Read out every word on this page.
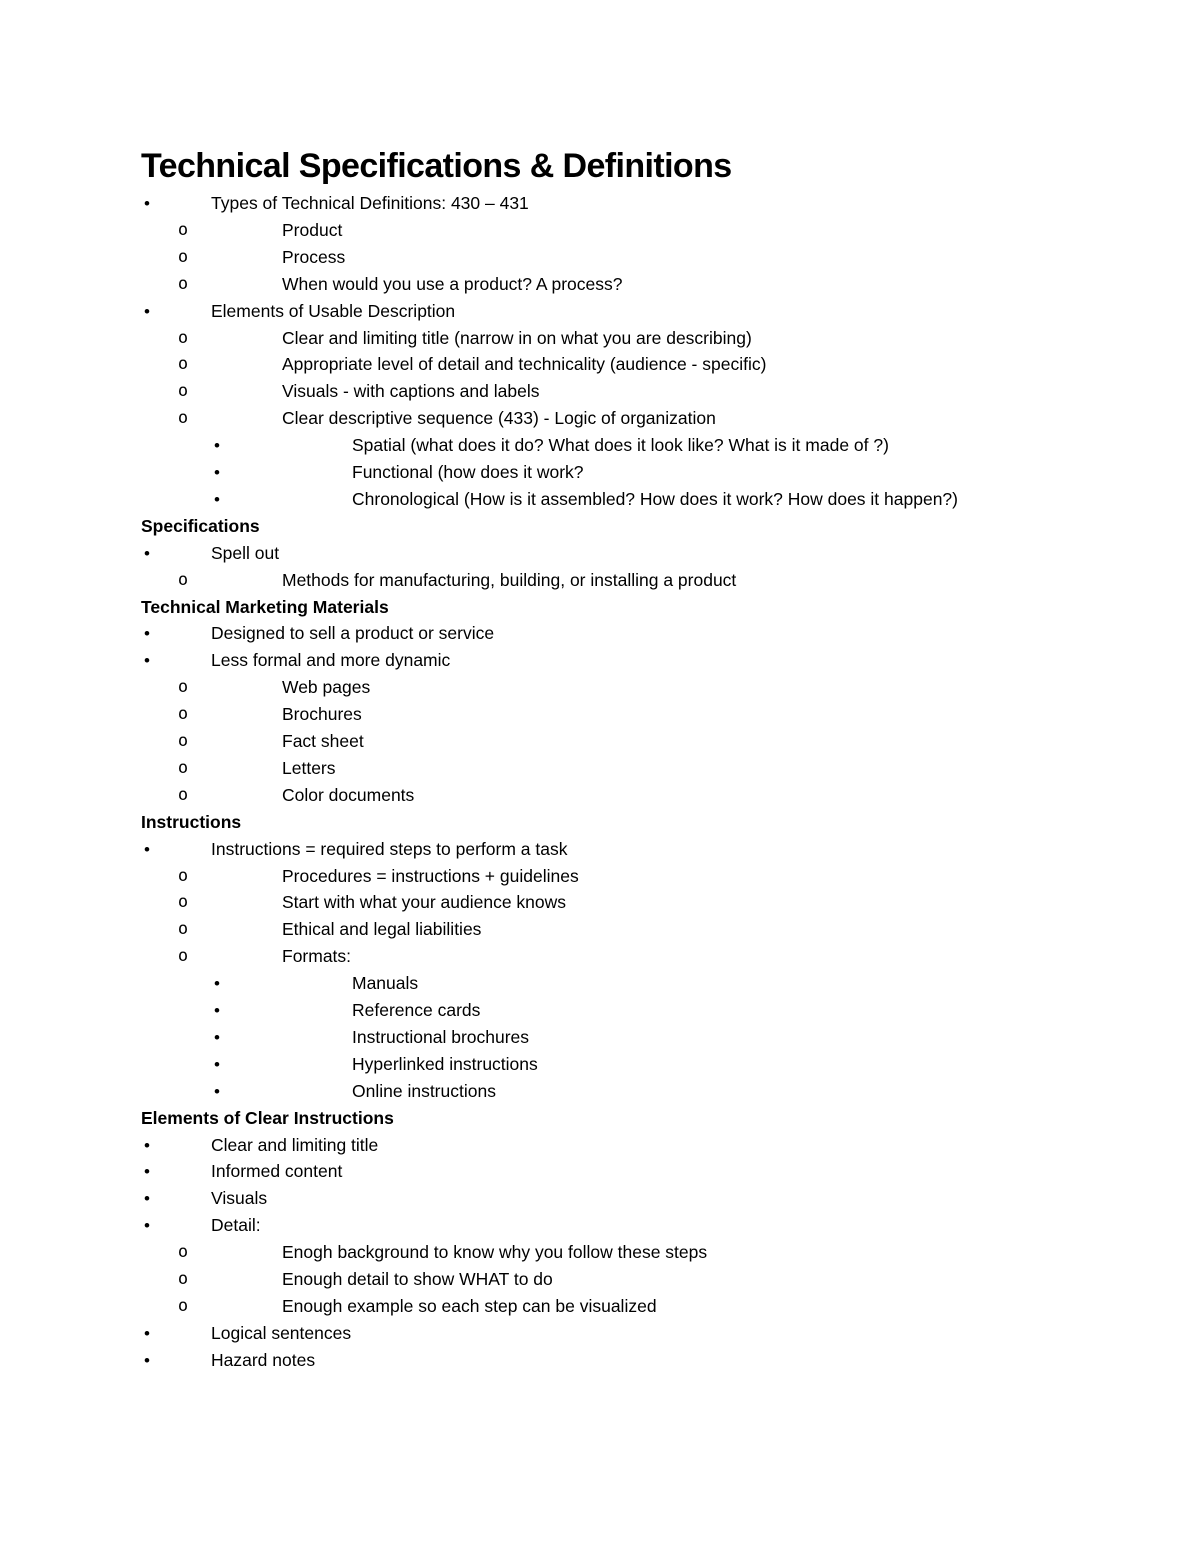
Technical Specifications & Definitions
•	Types of Technical Definitions: 430 – 431
o	Product
o	Process
o	When would you use a product? A process?
•	Elements of Usable Description
o	Clear and limiting title (narrow in on what you are describing)
o	Appropriate level of detail and technicality (audience - specific)
o	Visuals - with captions and labels
o	Clear descriptive sequence (433) - Logic of organization
•	Spatial (what does it do? What does it look like? What is it made of ?)
•	Functional (how does it work?
•	Chronological (How is it assembled? How does it work? How does it happen?)
Specifications
•	Spell out
o	Methods for manufacturing, building, or installing a product
Technical Marketing Materials
•	Designed to sell a product or service
•	Less formal and more dynamic
o	Web pages
o	Brochures
o	Fact sheet
o	Letters
o	Color documents
Instructions
•	Instructions = required steps to perform a task
o	Procedures = instructions + guidelines
o	Start with what your audience knows
o	Ethical and legal liabilities
o	Formats:
•	Manuals
•	Reference cards
•	Instructional brochures
•	Hyperlinked instructions
•	Online instructions
Elements of Clear Instructions
•	Clear and limiting title
•	Informed content
•	Visuals
•	Detail:
o	Enogh background to know why you follow these steps
o	Enough detail to show WHAT to do
o	Enough example so each step can be visualized
•	Logical sentences
•	Hazard notes
